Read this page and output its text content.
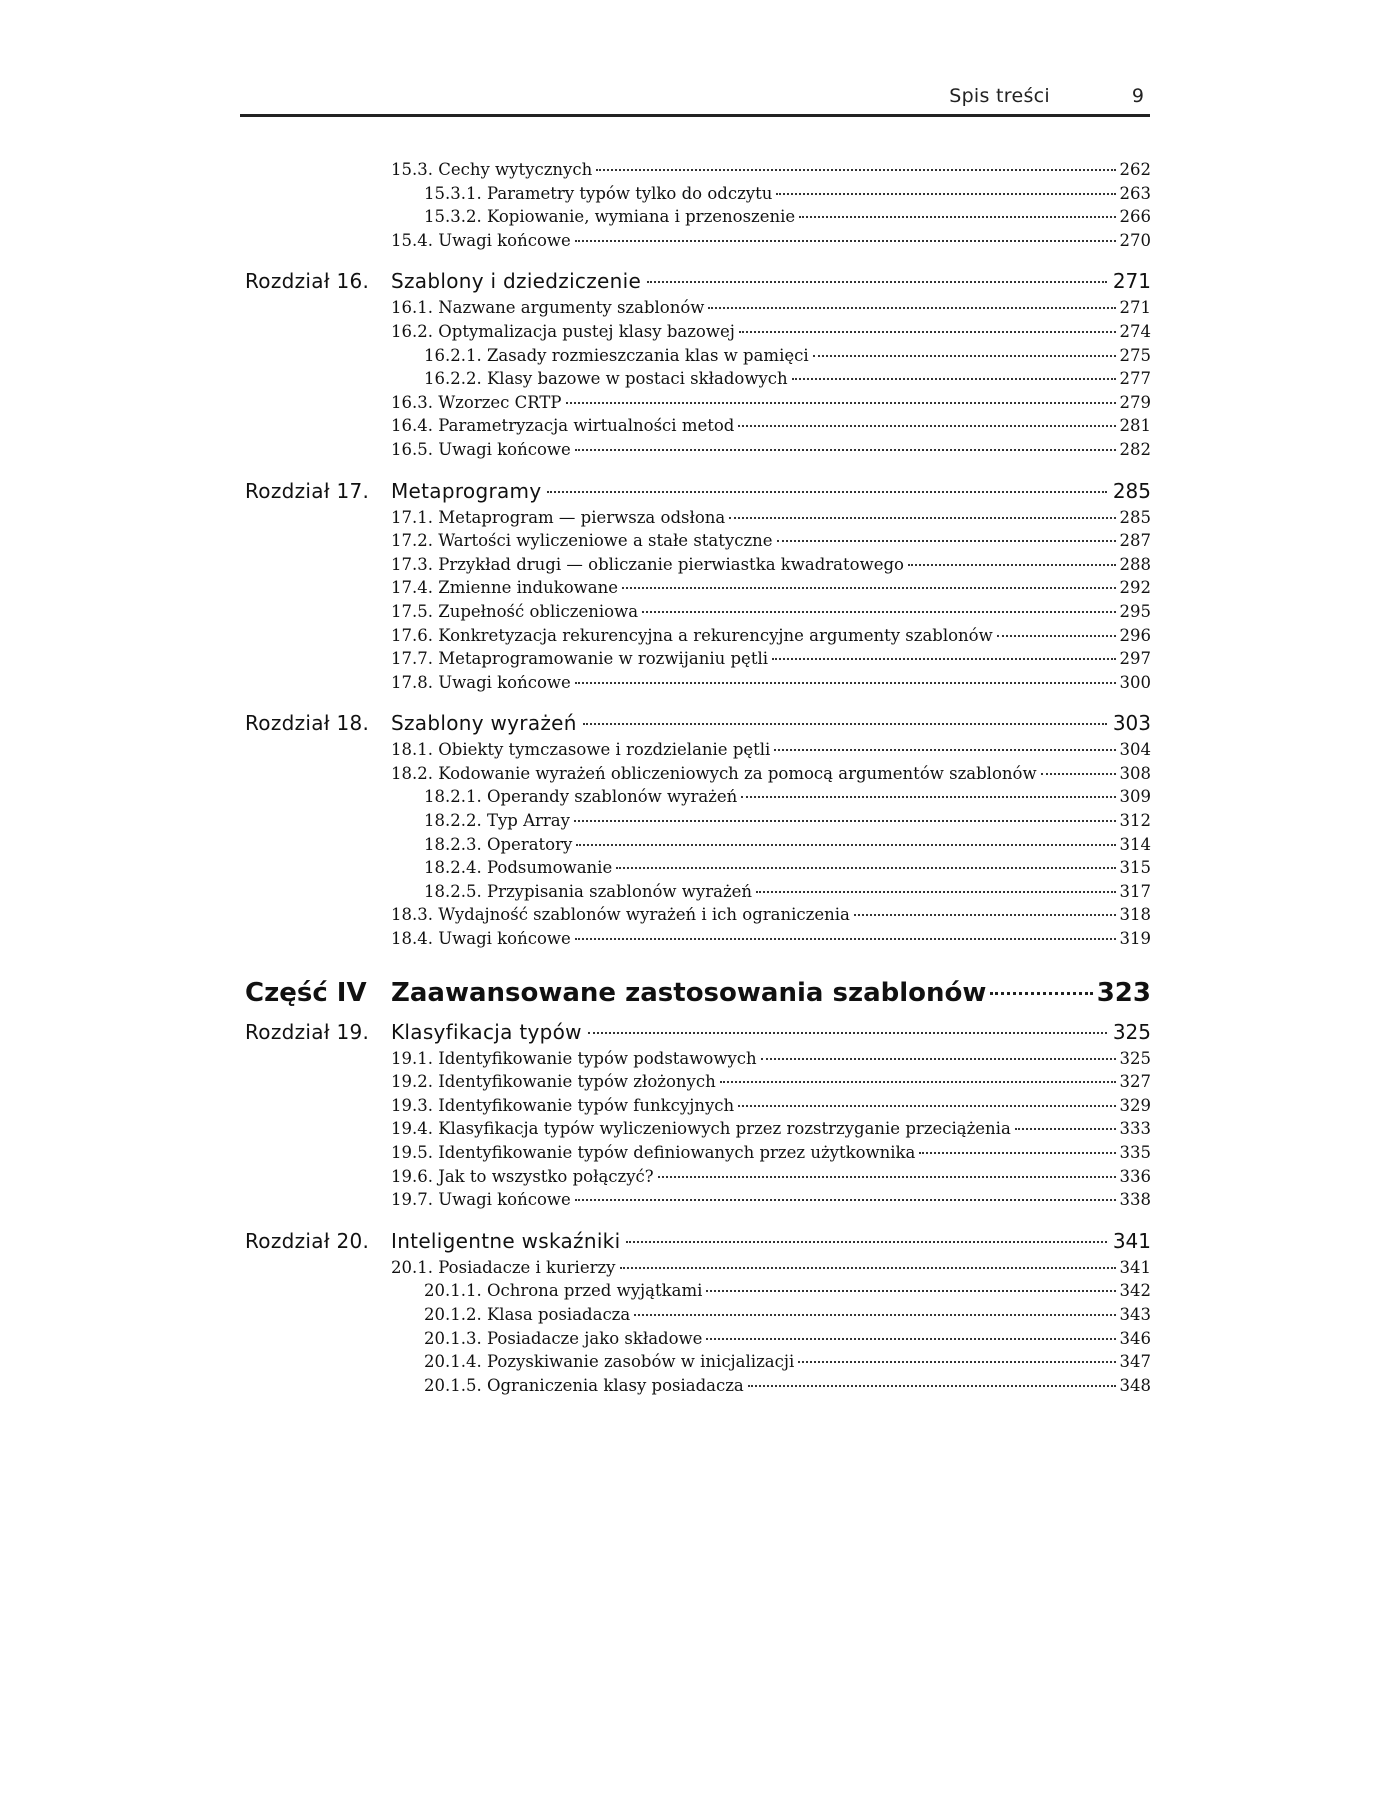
Spis treści	9
15.3. Cechy wytycznych	262
15.3.1. Parametry typów tylko do odczytu	263
15.3.2. Kopiowanie, wymiana i przenoszenie	266
15.4. Uwagi końcowe	270
Rozdział 16. Szablony i dziedziczenie	271
16.1. Nazwane argumenty szablonów	271
16.2. Optymalizacja pustej klasy bazowej	274
16.2.1. Zasady rozmieszczania klas w pamięci	275
16.2.2. Klasy bazowe w postaci składowych	277
16.3. Wzorzec CRTP	279
16.4. Parametryzacja wirtualności metod	281
16.5. Uwagi końcowe	282
Rozdział 17. Metaprogramy	285
17.1. Metaprogram — pierwsza odsłona	285
17.2. Wartości wyliczeniowe a stałe statyczne	287
17.3. Przykład drugi — obliczanie pierwiastka kwadratowego	288
17.4. Zmienne indukowane	292
17.5. Zupełność obliczeniowa	295
17.6. Konkretyzacja rekurencyjna a rekurencyjne argumenty szablonów	296
17.7. Metaprogramowanie w rozwijaniu pętli	297
17.8. Uwagi końcowe	300
Rozdział 18. Szablony wyrażeń	303
18.1. Obiekty tymczasowe i rozdzielanie pętli	304
18.2. Kodowanie wyrażeń obliczeniowych za pomocą argumentów szablonów	308
18.2.1. Operandy szablonów wyrażeń	309
18.2.2. Typ Array	312
18.2.3. Operatory	314
18.2.4. Podsumowanie	315
18.2.5. Przypisania szablonów wyrażeń	317
18.3. Wydajność szablonów wyrażeń i ich ograniczenia	318
18.4. Uwagi końcowe	319
Część IV Zaawansowane zastosowania szablonów	323
Rozdział 19. Klasyfikacja typów	325
19.1. Identyfikowanie typów podstawowych	325
19.2. Identyfikowanie typów złożonych	327
19.3. Identyfikowanie typów funkcyjnych	329
19.4. Klasyfikacja typów wyliczeniowych przez rozstrzyganie przeciążenia	333
19.5. Identyfikowanie typów definiowanych przez użytkownika	335
19.6. Jak to wszystko połączyć?	336
19.7. Uwagi końcowe	338
Rozdział 20. Inteligentne wskaźniki	341
20.1. Posiadacze i kurierzy	341
20.1.1. Ochrona przed wyjątkami	342
20.1.2. Klasa posiadacza	343
20.1.3. Posiadacze jako składowe	346
20.1.4. Pozyskiwanie zasobów w inicjalizacji	347
20.1.5. Ograniczenia klasy posiadacza	348
